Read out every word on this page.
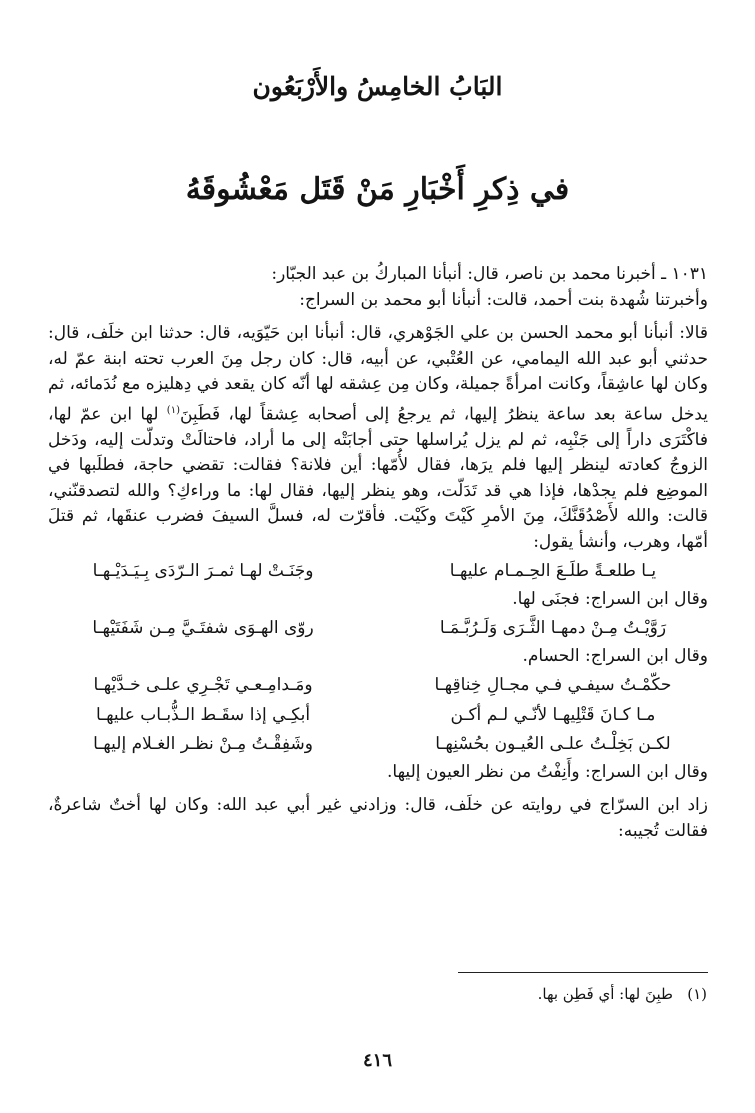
البَابُ الخامِسُ والأَرْبَعُون
في ذِكرِ أَخْبَارِ مَنْ قَتَل مَعْشُوقَهُ

١٠٣١ ـ أخبرنا محمد بن ناصر، قال: أنبأنا المباركُ بن عبد الجبّار:

وأخبرتنا شُهدة بنت أحمد، قالت: أنبأنا أبو محمد بن السراج:

قالا: أنبأنا أبو محمد الحسن بن علي الجَوْهري، قال: أنبأنا ابن حَيّوَيه، قال: حدثنا ابن خلَف، قال: حدثني أبو عبد الله اليمامي، عن العُتْبي، عن أبيه، قال: كان رجل مِنَ العرب تحته ابنة عمّ له، وكان لها عاشِقاً، وكانت امرأةً جميلة، وكان مِن عِشقه لها أنّه كان يقعد في دِهليزه مع نُدَمائه، ثم يدخل ساعة بعد ساعة ينظرُ إليها، ثم يرجعُ إلى أصحابه عِشقاً لها، فَطَبِنَ$^{(١)}$ لها ابن عمّ لها، فاكْتَرَى داراً إلى جَنْبِه، ثم لم يزل يُراسلها حتى أجابَتْه إلى ما أراد، فاحتالَتْ وتدلّت إليه، ودَخل الزوجُ كعادته لينظر إليها فلم يرَها، فقال لأُمّها: أين فلانة؟ فقالت: تقضي حاجة، فطلَبها في الموضِع فلم يجدْها، فإذا هي قد تَدَلّت، وهو ينظر إليها، فقال لها: ما وراءكِ؟ والله لتصدقنّني، قالت: والله لأَصْدُقَنَّكَ، مِنَ الأمرِ كَيْتَ وكَيْت. فأقرّت له، فسلَّ السيفَ فضرب عنقَها، ثم قتلَ أمّها، وهرب، وأنشأ يقول:

يـا طلعـةً طلَـعَ الحِـمـام عليهـا
وجَنَـتْ لهـا ثمـرَ الـرّدَى بِـيَـدَيْـهـا

وقال ابن السراج: فجنَى لها.

رَوَّيْـتُ مِـنْ دمهـا الثَّـرَى وَلَـرُبَّـمَـا
روّى الهـوَى شفتَـيَّ مِـن شَفَتَيْهـا

وقال ابن السراج: الحسام.

حكّمْـتُ سيفـي فـي مجـالِ خِناقِهـا
ومَـدامِـعـي تَجْـرِي علـى خـدَّيْهـا
مـا كـانَ قَتْلِيهـا لأنّـي لـم أكـن
أبكِـي إذا سقَـط الـذُّبـاب عليهـا
لكـن بَخِلْـتُ علـى العُيـون بحُسْنِهـا
وشَفِقْـتُ مِـنْ نظـر الغـلام إليهـا

وقال ابن السراج: وأَنِفْتُ من نظر العيون إليها.

زاد ابن السرّاج في روايته عن خلَف، قال: وزادني غير أبي عبد الله: وكان لها أختٌ شاعرةٌ، فقالت تُجيبه:

(١)   طبِنَ لها: أي فَطِن بها.
٤١٦
